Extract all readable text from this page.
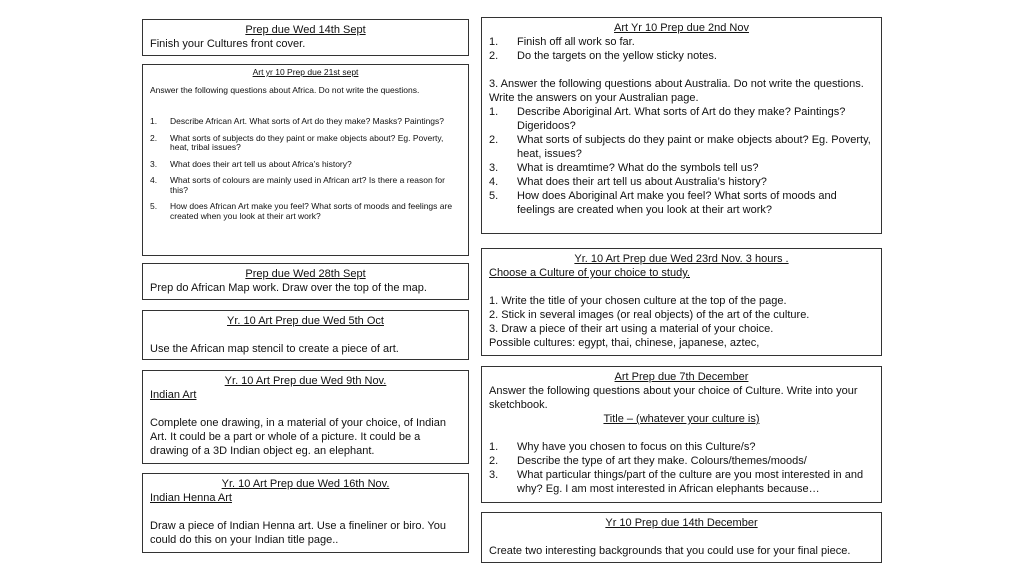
Prep due Wed 14th Sept
Finish your Cultures front cover.
Art yr 10 Prep due 21st sept

Answer the following questions about Africa. Do not write the questions.

1. Describe African Art. What sorts of Art do they make? Masks? Paintings?
2. What sorts of subjects do they paint or make objects about? Eg. Poverty, heat, tribal issues?
3. What does their art tell us about Africa’s history?
4. What sorts of colours are mainly used in African art? Is there a reason for this?
5. How does African Art make you feel? What sorts of moods and feelings are created when you look at their art work?
Prep due Wed 28th Sept
Prep do African Map work. Draw over the top of the map.
Yr. 10 Art Prep due Wed 5th Oct
Use the African map stencil to create a piece of art.
Yr. 10 Art Prep due Wed 9th Nov.
Indian Art
Complete one drawing, in a material of your choice, of Indian Art. It could be a part or whole of a picture. It could be a drawing of a 3D Indian object eg. an elephant.
Yr. 10 Art Prep due Wed 16th Nov.
Indian Henna Art
Draw a piece of Indian Henna art. Use a fineliner or biro. You could do this on your Indian title page..
Art Yr 10 Prep due 2nd Nov
1. Finish off all work so far.
2. Do the targets on the yellow sticky notes.
3. Answer the following questions about Australia. Do not write the questions. Write the answers on your Australian page.
1. Describe Aboriginal Art. What sorts of Art do they make? Paintings? Digeridoos?
2. What sorts of subjects do they paint or make objects about? Eg. Poverty, heat, issues?
3. What is dreamtime? What do the symbols tell us?
4. What does their art tell us about Australia’s history?
5. How does Aboriginal Art make you feel? What sorts of moods and feelings are created when you look at their art work?
Yr. 10 Art Prep due Wed 23rd Nov. 3 hours .
Choose a Culture of your choice to study.
1. Write the title of your chosen culture at the top of the page.
2. Stick in several images (or real objects) of the art of the culture.
3. Draw a piece of their art using a material of your choice.
Possible cultures: egypt, thai, chinese, japanese, aztec,
Art Prep due 7th December
Answer the following questions about your choice of Culture. Write into your sketchbook.
Title – (whatever your culture is)
1. Why have you chosen to focus on this Culture/s?
2. Describe the type of art they make. Colours/themes/moods/
3. What particular things/part of the culture are you most interested in and why? Eg. I am most interested in African elephants because…
Yr 10 Prep due 14th December
Create two interesting backgrounds that you could use for your final piece.
